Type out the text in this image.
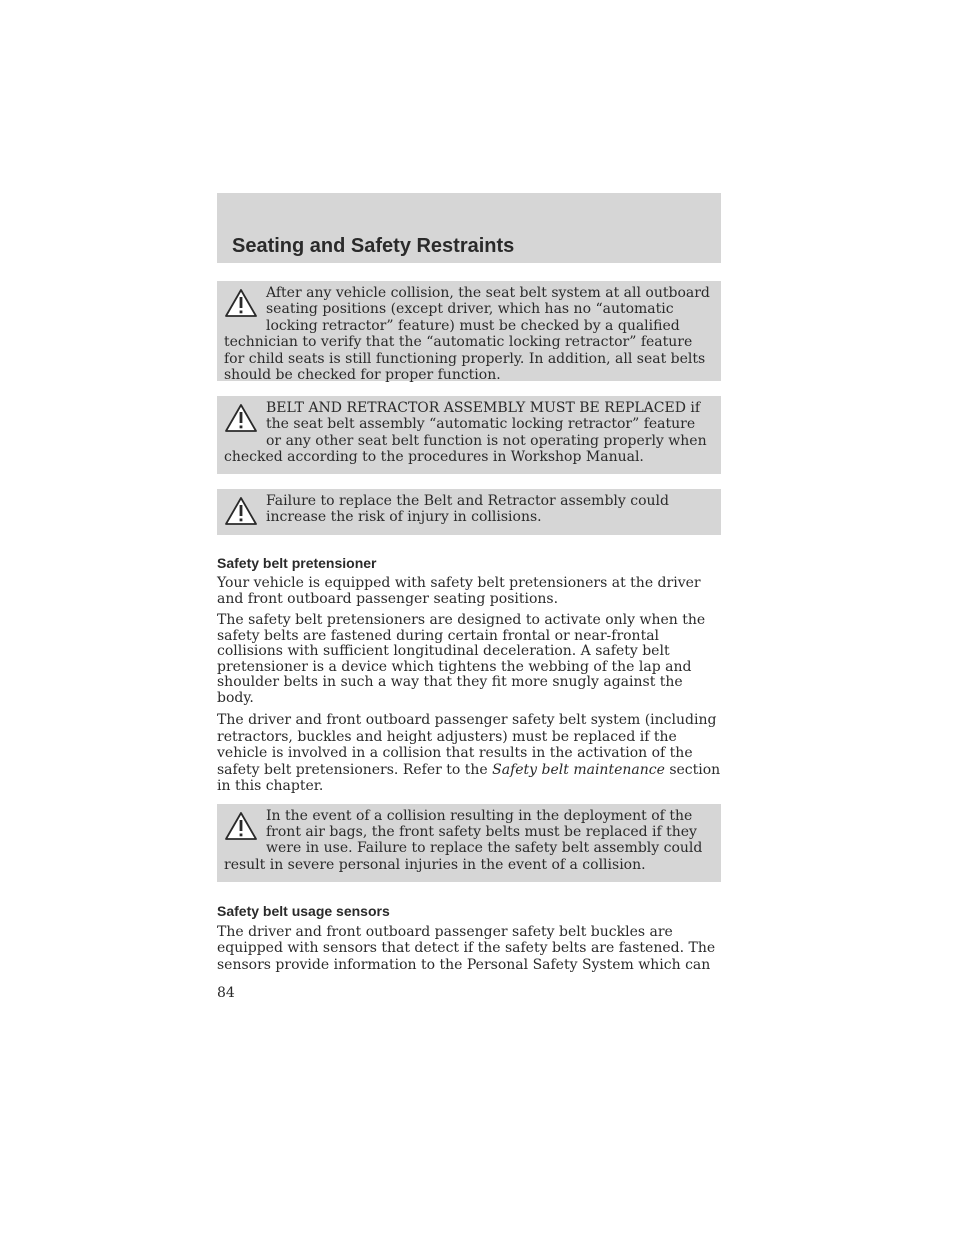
Seating and Safety Restraints

After any vehicle collision, the seat belt system at all outboard seating positions (except driver, which has no “automatic locking retractor” feature) must be checked by a qualified technician to verify that the “automatic locking retractor” feature for child seats is still functioning properly. In addition, all seat belts should be checked for proper function.

BELT AND RETRACTOR ASSEMBLY MUST BE REPLACED if the seat belt assembly “automatic locking retractor” feature or any other seat belt function is not operating properly when checked according to the procedures in Workshop Manual.

Failure to replace the Belt and Retractor assembly could increase the risk of injury in collisions.

Safety belt pretensioner

Your vehicle is equipped with safety belt pretensioners at the driver and front outboard passenger seating positions.

The safety belt pretensioners are designed to activate only when the safety belts are fastened during certain frontal or near-frontal collisions with sufficient longitudinal deceleration. A safety belt pretensioner is a device which tightens the webbing of the lap and shoulder belts in such a way that they fit more snugly against the body.

The driver and front outboard passenger safety belt system (including retractors, buckles and height adjusters) must be replaced if the vehicle is involved in a collision that results in the activation of the safety belt pretensioners. Refer to the Safety belt maintenance section in this chapter.

In the event of a collision resulting in the deployment of the front air bags, the front safety belts must be replaced if they were in use. Failure to replace the safety belt assembly could result in severe personal injuries in the event of a collision.

Safety belt usage sensors

The driver and front outboard passenger safety belt buckles are equipped with sensors that detect if the safety belts are fastened. The sensors provide information to the Personal Safety System which can

84
